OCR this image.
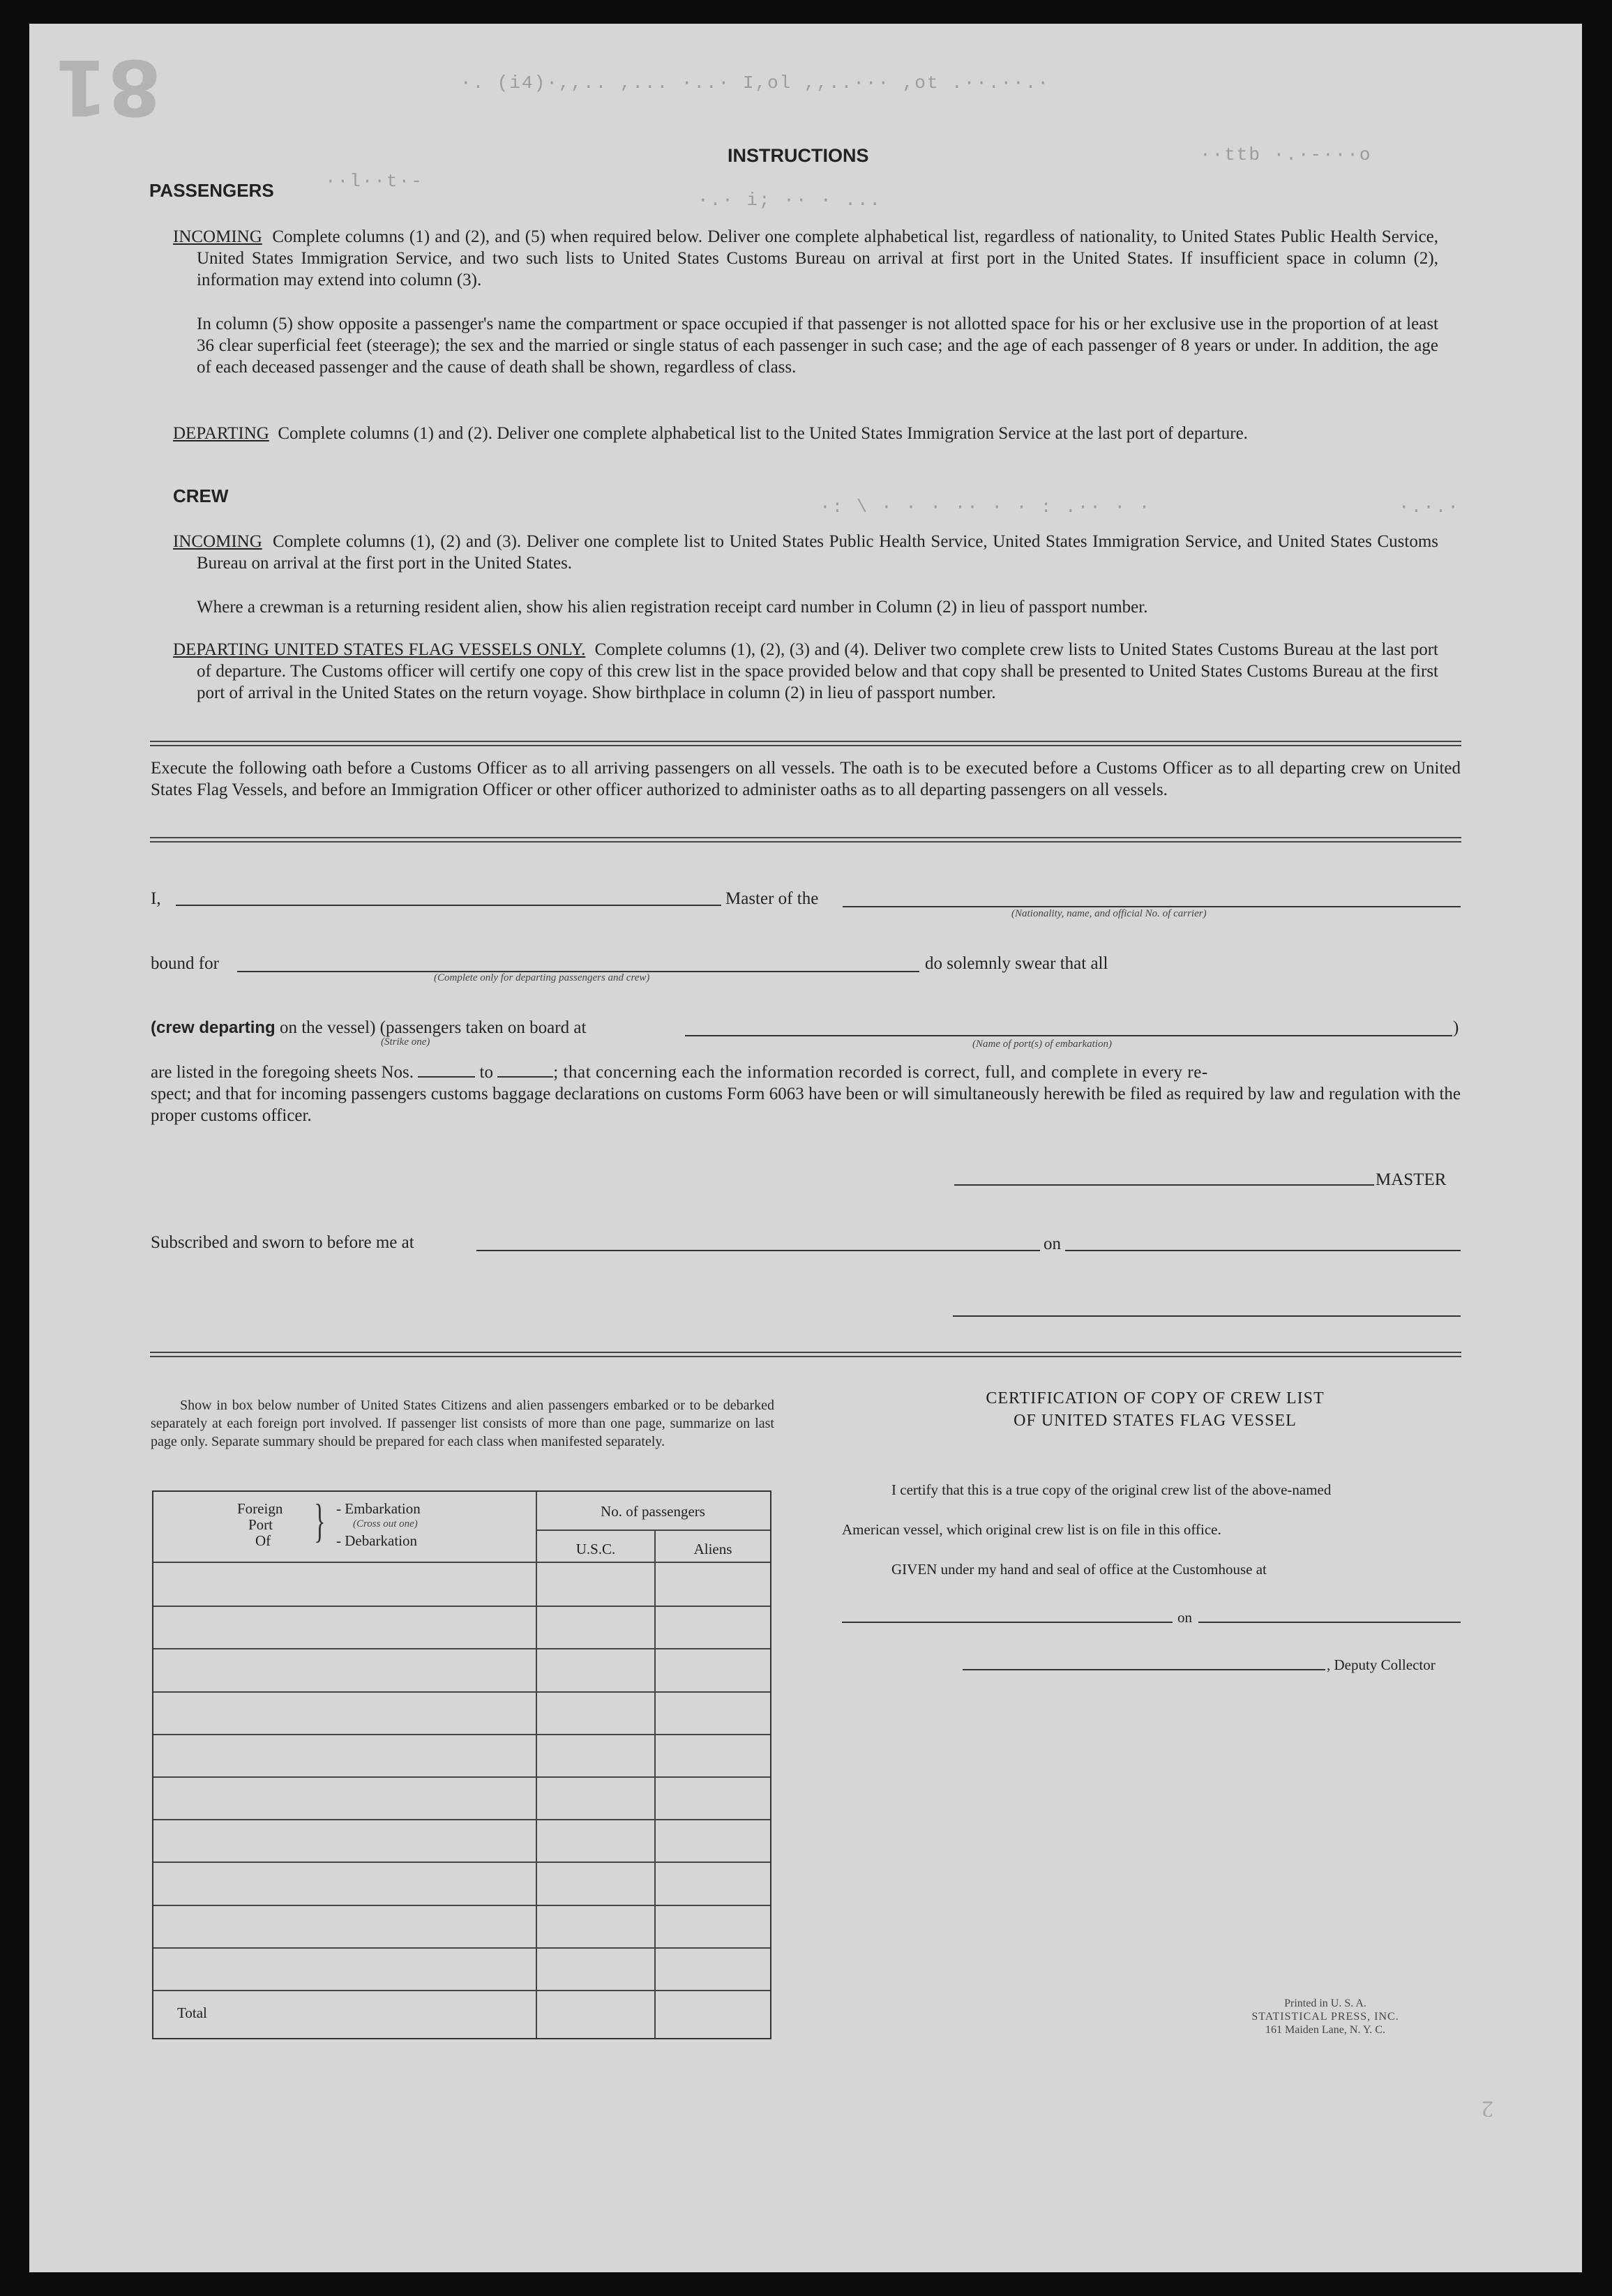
81	·. (i4)·,,.. ,... ·..· I,ol ,,..··· ,ot .··.··.·
··ttb ·.·-···o
··l··t·-
·.· i; ·· · ...
·: \ · · · ·· · · : .·· · ·	·.·.·
2
INSTRUCTIONS
PASSENGERS
INCOMING Complete columns (1) and (2), and (5) when required below. Deliver one complete alphabetical list, regardless of nationality, to United States Public Health Service, United States Immigration Service, and two such lists to United States Customs Bureau on arrival at first port in the United States. If insufficient space in column (2), information may extend into column (3).
In column (5) show opposite a passenger's name the compartment or space occupied if that passenger is not allotted space for his or her exclusive use in the proportion of at least 36 clear superficial feet (steerage); the sex and the married or single status of each passenger in such case; and the age of each passenger of 8 years or under. In addition, the age of each deceased passenger and the cause of death shall be shown, regardless of class.
DEPARTING Complete columns (1) and (2). Deliver one complete alphabetical list to the United States Immigration Service at the last port of departure.
CREW
INCOMING Complete columns (1), (2) and (3). Deliver one complete list to United States Public Health Service, United States Immigration Service, and United States Customs Bureau on arrival at the first port in the United States.
Where a crewman is a returning resident alien, show his alien registration receipt card number in Column (2) in lieu of passport number.
DEPARTING UNITED STATES FLAG VESSELS ONLY. Complete columns (1), (2), (3) and (4). Deliver two complete crew lists to United States Customs Bureau at the last port of departure. The Customs officer will certify one copy of this crew list in the space provided below and that copy shall be presented to United States Customs Bureau at the first port of arrival in the United States on the return voyage. Show birthplace in column (2) in lieu of passport number.
Execute the following oath before a Customs Officer as to all arriving passengers on all vessels. The oath is to be executed before a Customs Officer as to all departing crew on United States Flag Vessels, and before an Immigration Officer or other officer authorized to administer oaths as to all departing passengers on all vessels.
I,	Master of the
(Nationality, name, and official No. of carrier)
bound for
(Complete only for departing passengers and crew)
do solemnly swear that all
(crew departing on the vessel) (passengers taken on board at	)
(Strike one)	(Name of port(s) of embarkation)
are listed in the foregoing sheets Nos.	to	; that concerning each the information recorded is correct, full, and complete in every re-
spect; and that for incoming passengers customs baggage declarations on customs Form 6063 have been or will simultaneously herewith be filed as required by law and regulation with the proper customs officer.
MASTER
Subscribed and sworn to before me at	on
Show in box below number of United States Citizens and alien passengers embarked or to be debarked separately at each foreign port involved. If passenger list consists of more than one page, summarize on last page only. Separate summary should be prepared for each class when manifested separately.
Foreign
Port
Of } - Embarkation
(Cross out one)
- Debarkation
No. of passengers
U.S.C.	Aliens
Total
CERTIFICATION OF COPY OF CREW LIST
OF UNITED STATES FLAG VESSEL
I certify that this is a true copy of the original crew list of the above-named
American vessel, which original crew list is on file in this office.
GIVEN under my hand and seal of office at the Customhouse at
on
, Deputy Collector
Printed in U. S. A.
STATISTICAL PRESS, INC.
161 Maiden Lane, N. Y. C.
